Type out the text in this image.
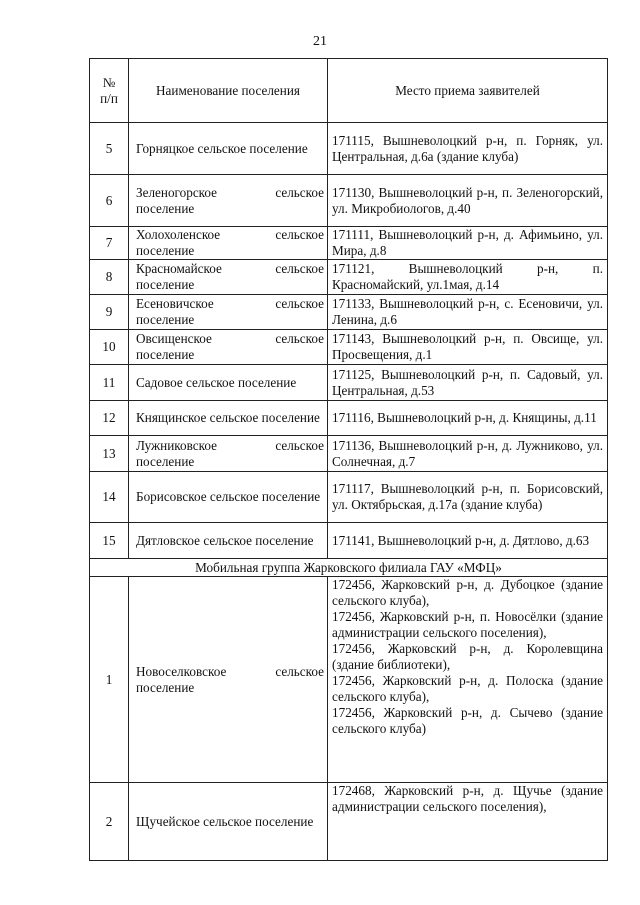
21
№
п/п	Наименование поселения	Место приема заявителей
5	Горняцкое сельское поселение	171115, Вышневолоцкий р-н, п. Горняк, ул. Центральная, д.6а (здание клуба)
6	Зеленогорское сельское поселение	171130, Вышневолоцкий р-н, п. Зеленогорский, ул. Микробиологов, д.40
7	Холохоленское сельское поселение	171111, Вышневолоцкий р-н, д. Афимьино, ул. Мира, д.8
8	Красномайское сельское поселение	171121, Вышневолоцкий р-н, п. Красномайский, ул.1мая, д.14
9	Есеновичское сельское поселение	171133, Вышневолоцкий р-н, с. Есеновичи, ул. Ленина, д.6
10	Овсищенское сельское поселение	171143, Вышневолоцкий р-н, п. Овсище, ул. Просвещения, д.1
11	Садовое сельское поселение	171125, Вышневолоцкий р-н, п. Садовый, ул. Центральная, д.53
12	Княщинское сельское поселение	171116, Вышневолоцкий р-н, д. Княщины, д.11
13	Лужниковское сельское поселение	171136, Вышневолоцкий р-н, д. Лужниково, ул. Солнечная, д.7
14	Борисовское сельское поселение	171117, Вышневолоцкий р-н, п. Борисовский, ул. Октябрьская, д.17а (здание клуба)
15	Дятловское сельское поселение	171141, Вышневолоцкий р-н, д. Дятлово, д.63
Мобильная группа Жарковского филиала ГАУ «МФЦ»		
1	Новоселковское сельское поселение	172456, Жарковский р-н, д. Дубоцкое (здание сельского клуба),
172456, Жарковский р-н, п. Новосёлки (здание администрации сельского поселения),
172456, Жарковский р-н, д. Королевщина (здание библиотеки),
172456, Жарковский р-н, д. Полоска (здание сельского клуба),
172456, Жарковский р-н, д. Сычево (здание сельского клуба)

2	Щучейское сельское поселение	172468, Жарковский р-н, д. Щучье (здание администрации сельского поселения),
